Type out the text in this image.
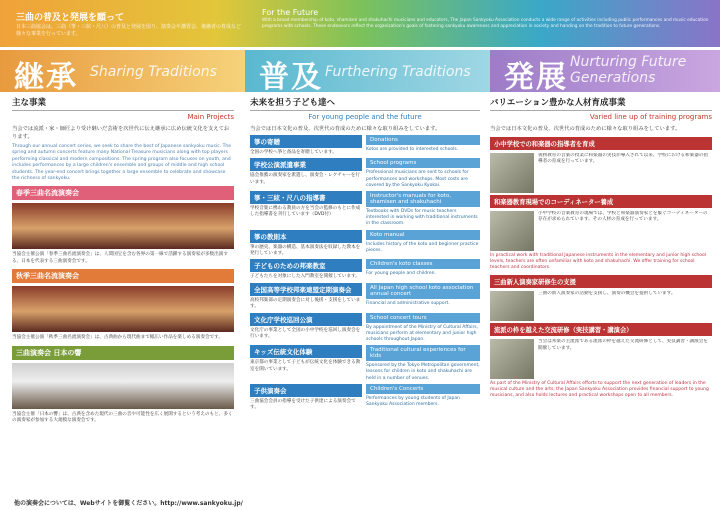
三曲の普及と発展を願って
日本三曲協会は、三曲（箏・三絃・尺八）の普及と発展を図り、演奏会や講習会、後継者の育成など様々な事業を行っています。
For the Future
With a broad membership of koto, shamisen and shakuhachi musicians and educators, The Japan Sankyoku Association conducts a wide range of activities including public performances and music education programs with schools. These endeavors reflect the organization's goals of fostering sankyoku awareness and appreciation in society and handing on the tradition to future generations.
継承 Sharing Traditions 普及 Furthering Traditions 発展 Nurturing Future Generations
主な事業
Main Projects
当会では流派・家・師匠より受け継いだ芸術を次世代に伝え継承に広め伝統文化を支えております。
Through our annual concert series, we seek to share the best of Japanese sankyoku music. The spring and autumn concerts feature many National Treasure musicians along with top players performing classical and modern compositions. The spring program also focuses on youth, and includes performances by a large children's ensemble and groups of middle and high school students. The year-end concert brings together a large ensemble to celebrate and showcase the richness of sankyoku.
春季三曲名流演奏会
当協会主催公演「春季三曲名流演奏会」は、人間国宝を含む各界の第一線で活躍する演奏家が多数出演する、日本を代表する三曲演奏会です。
秋季三曲名流演奏会
当協会主催公演「秋季三曲名流演奏会」は、古典曲から現代曲まで幅広い作品を楽しめる演奏会です。
三曲演奏会 日本の響
当協会主催「日本の響」は、古典を含めた現代の三曲の音や可能性を広く展開するという考えのもと、多くの演奏家が参加する大規模な演奏会です。
他の演奏会については、Webサイトを御覧ください。http://www.sankyoku.jp/
未来を担う子ども達へ
For young people and the future
当会では日本文化の普及、次世代の育成のために様々な取り組みをしています。
箏の寄贈
全国の学校へ箏と备品を寄贈しています。
Donations
Kotos are provided to interested schools.
学校公演派遣事業
協会推薦の演奏家を派遣し、演奏会・レクチャーを行います。
School programs
Professional musicians are sent to schools for performances and workshops. Most costs are covered by the Sankyoku Kyokai.
箏・三絃・尺八の指導書
学校音楽に携わる教員の方を当会の監修のもとに作成した指導書を刊行しています（DVD付）
Instructor's manuals for koto, shamisen and shakuhachi
Textbooks with DVDs for music teachers interested in working with traditional instruments in the classroom.
箏の教則本
箏の歴史、楽器の構造、基本演奏法を収録した教本を発行しています。
Koto manual
Includes history of the koto and beginner practice pieces.
子どものための邦楽教室
子どもたちを対象にした入門教室を開催しています。
Children's koto classes
For young people and children.
全国高等学校邦楽連盟定期演奏会
高校邦楽部の定期演奏会に対し後援・支援をしています。
All Japan high school koto association annual concert
Financial and administrative support.
文化庁学校巡回公演
文化庁の事業として全国の小中学校を巡回し演奏会を行います。
School concert tours
By appointment of the Ministry of Cultural Affairs, musicians perform at elementary and junior high schools throughout Japan.
キッズ伝統文化体験
東京都の事業として子どもが伝統文化を体験できる教室を開いています。
Traditional cultural experiences for kids
Sponsored by the Tokyo Metropolitan government, lessons for children in koto and shakuhachi are held in a number of venues.
子供演奏会
三曲協会会員の指導を受けた子供達による演奏会です。
Children's Concerts
Performances by young students of Japan Sankyoku Association members.
バリエーション豊かな人材育成事業
Varied line up of training programs
当会では日本文化の普及、次世代の育成のために様々な取り組みをしています。
小中学校での和楽器の指導者を育成
義務教育の音楽の授業に和楽器の実技が導入されて以来、学校における和楽器の指導者の育成を行っています。
和楽器教育現場でのコーディネーター養成
小中学校の音楽教育の現場では、学校と和楽器演奏家とを繋ぐコーディネーターの存在が求められています。その人材の育成を行っています。
In practical work with traditional Japanese instruments in the elementary and junior high school levels, teachers are often unfamiliar with koto and shakuhachi. We offer training for school teachers and coordinators.
三曲新人演奏家研修生の支援
三曲の新人演奏家の活動を支援し、演奏の機会を提供しています。
流派の枠を越えた交流研修（実技講習・講演会）
当会は邦楽の主流派である流派の枠を越えた交流研修として、実技講習・講演会を開催しています。
As part of the Ministry of Cultural Affairs efforts to support the next generation of leaders in the musical culture and the arts, the Japan Sankyoku Association provides financial support to young musicians, and also holds lectures and practical workshops open to all members.
